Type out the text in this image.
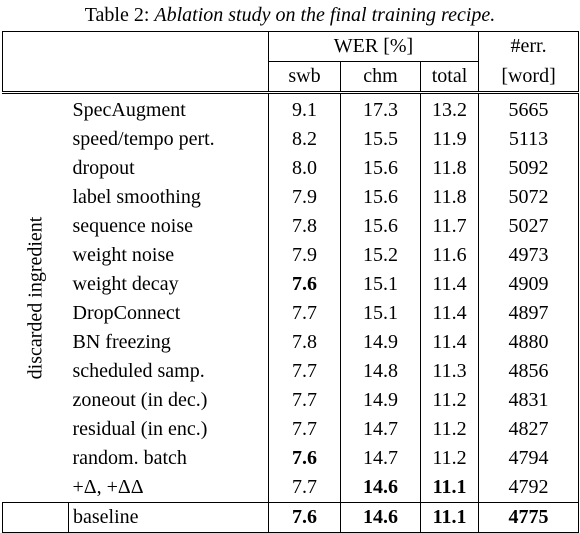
Table 2: Ablation study on the final training recipe.
		WER [%]			#err.
		swb	chm	total	[word]

discarded ingredient	SpecAugment	9.1	17.3	13.2	5665
	speed/tempo pert.	8.2	15.5	11.9	5113
	dropout	8.0	15.6	11.8	5092
	label smoothing	7.9	15.6	11.8	5072
	sequence noise	7.8	15.6	11.7	5027
	weight noise	7.9	15.2	11.6	4973
	weight decay	7.6	15.1	11.4	4909
	DropConnect	7.7	15.1	11.4	4897
	BN freezing	7.8	14.9	11.4	4880
	scheduled samp.	7.7	14.8	11.3	4856
	zoneout (in dec.)	7.7	14.9	11.2	4831
	residual (in enc.)	7.7	14.7	11.2	4827
	random. batch	7.6	14.7	11.2	4794
	+Δ, +ΔΔ	7.7	14.6	11.1	4792
	baseline	7.6	14.6	11.1	4775
